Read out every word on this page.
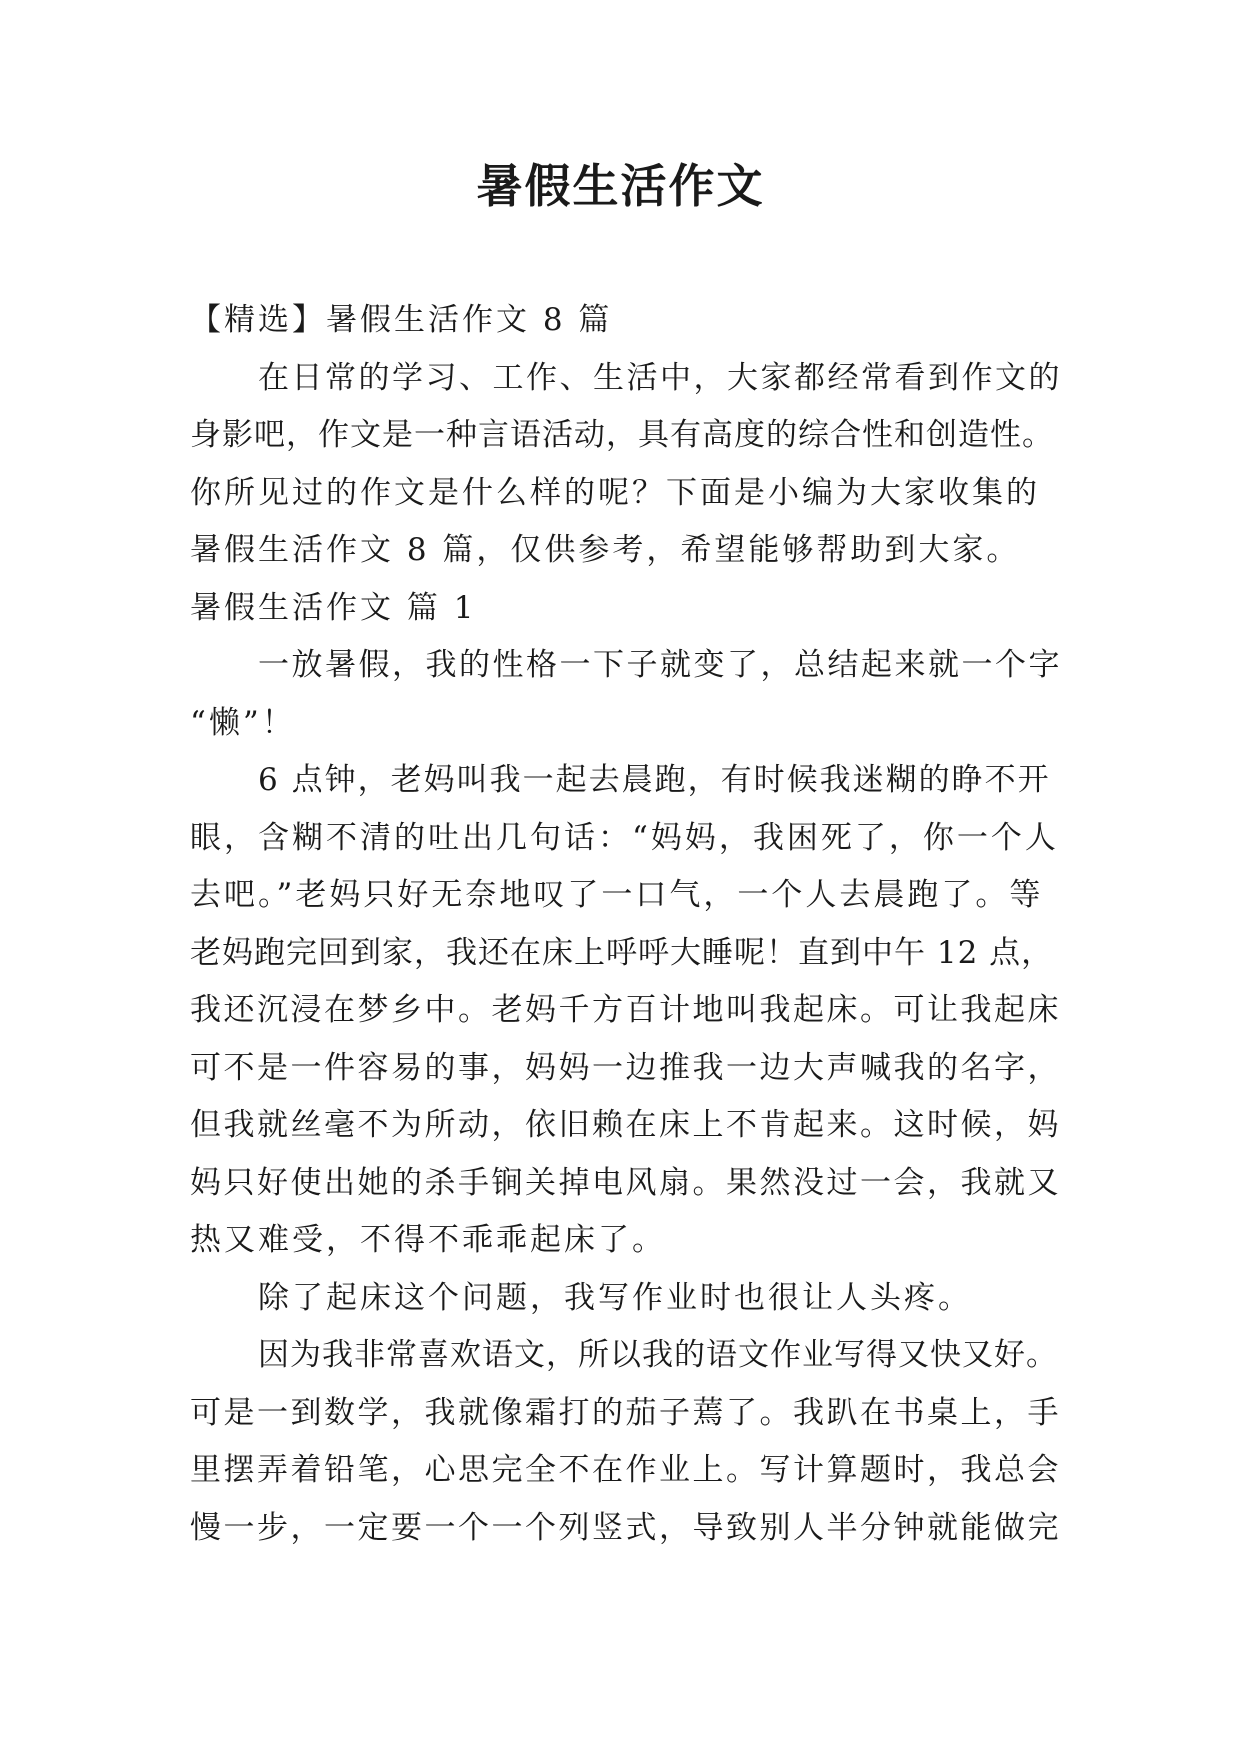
暑假生活作文
【精选】暑假生活作文 8 篇
在日常的学习、工作、生活中，大家都经常看到作文的
身影吧，作文是一种言语活动，具有高度的综合性和创造性。
你所见过的作文是什么样的呢？下面是小编为大家收集的
暑假生活作文 8 篇，仅供参考，希望能够帮助到大家。
暑假生活作文 篇 1
一放暑假，我的性格一下子就变了，总结起来就一个字
“懒”！
6 点钟，老妈叫我一起去晨跑，有时候我迷糊的睁不开
眼，含糊不清的吐出几句话：“妈妈，我困死了，你一个人
去吧。”老妈只好无奈地叹了一口气，一个人去晨跑了。等
老妈跑完回到家，我还在床上呼呼大睡呢！直到中午 12 点，
我还沉浸在梦乡中。老妈千方百计地叫我起床。可让我起床
可不是一件容易的事，妈妈一边推我一边大声喊我的名字，
但我就丝毫不为所动，依旧赖在床上不肯起来。这时候，妈
妈只好使出她的杀手锏关掉电风扇。果然没过一会，我就又
热又难受，不得不乖乖起床了。
除了起床这个问题，我写作业时也很让人头疼。
因为我非常喜欢语文，所以我的语文作业写得又快又好。
可是一到数学，我就像霜打的茄子蔫了。我趴在书桌上，手
里摆弄着铅笔，心思完全不在作业上。写计算题时，我总会
慢一步，一定要一个一个列竖式，导致别人半分钟就能做完
